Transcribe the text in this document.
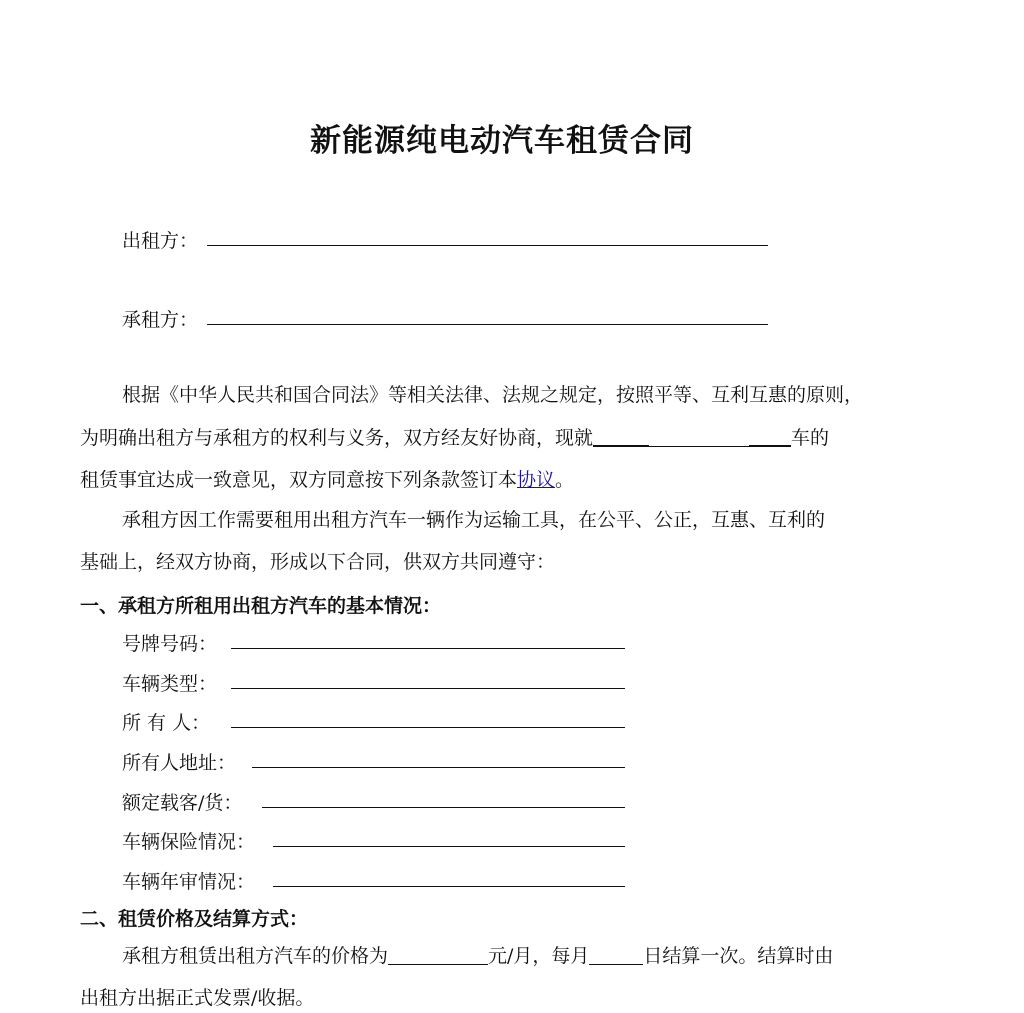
新能源纯电动汽车租赁合同
出租方：
承租方：
根据《中华人民共和国合同法》等相关法律、法规之规定，按照平等、互利互惠的原则，
为明确出租方与承租方的权利与义务，双方经友好协商，现就	车的
租赁事宜达成一致意见，双方同意按下列条款签订本协议。
承租方因工作需要租用出租方汽车一辆作为运输工具，在公平、公正，互惠、互利的
基础上，经双方协商，形成以下合同，供双方共同遵守：
一、承租方所租用出租方汽车的基本情况：
号牌号码：
车辆类型：
所 有 人：
所有人地址：
额定载客/货：
车辆保险情况：
车辆年审情况：
二、租赁价格及结算方式：
承租方租赁出租方汽车的价格为	元/月，每月	日结算一次。结算时由
出租方出据正式发票/收据。
